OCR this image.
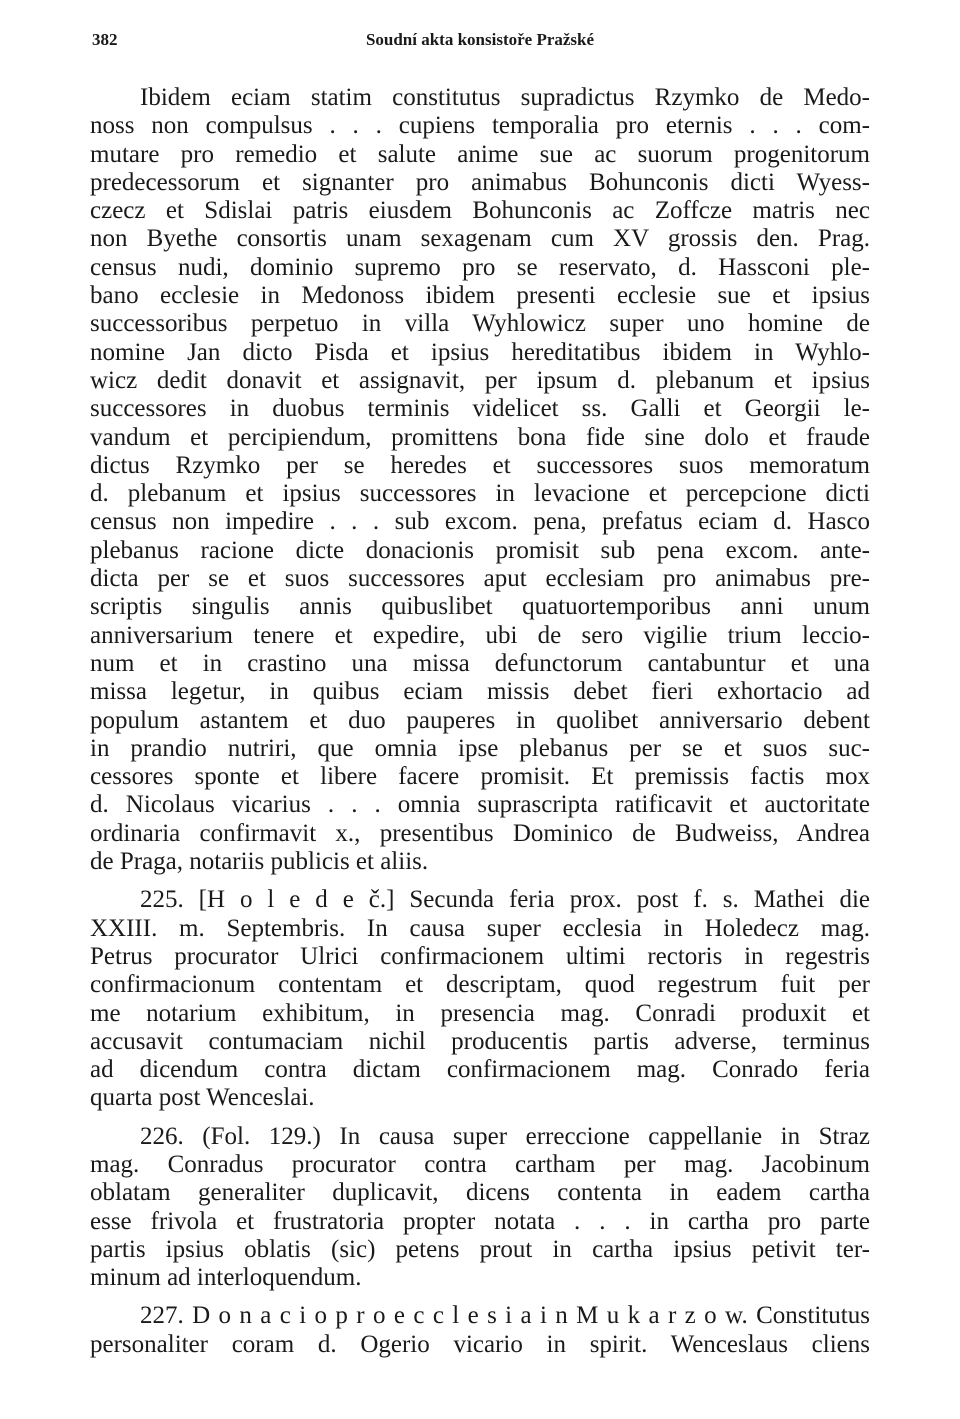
382	Soudní akta konsistoře Pražské
Ibidem eciam statim constitutus supradictus Rzymko de Medo-
noss non compulsus . . . cupiens temporalia pro eternis . . . com-
mutare pro remedio et salute anime sue ac suorum progenitorum
predecessorum et signanter pro animabus Bohunconis dicti Wyess-
czecz et Sdislai patris eiusdem Bohunconis ac Zoffcze matris nec
non Byethe consortis unam sexagenam cum XV grossis den. Prag.
census nudi, dominio supremo pro se reservato, d. Hassconi ple-
bano ecclesie in Medonoss ibidem presenti ecclesie sue et ipsius
successoribus perpetuo in villa Wyhlowicz super uno homine de
nomine Jan dicto Pisda et ipsius hereditatibus ibidem in Wyhlo-
wicz dedit donavit et assignavit, per ipsum d. plebanum et ipsius
successores in duobus terminis videlicet ss. Galli et Georgii le-
vandum et percipiendum, promittens bona fide sine dolo et fraude
dictus Rzymko per se heredes et successores suos memoratum
d. plebanum et ipsius successores in levacione et percepcione dicti
census non impedire . . . sub excom. pena, prefatus eciam d. Hasco
plebanus racione dicte donacionis promisit sub pena excom. ante-
dicta per se et suos successores aput ecclesiam pro animabus pre-
scriptis singulis annis quibuslibet quatuortemporibus anni unum
anniversarium tenere et expedire, ubi de sero vigilie trium leccio-
num et in crastino una missa defunctorum cantabuntur et una
missa legetur, in quibus eciam missis debet fieri exhortacio ad
populum astantem et duo pauperes in quolibet anniversario debent
in prandio nutriri, que omnia ipse plebanus per se et suos suc-
cessores sponte et libere facere promisit. Et premissis factis mox
d. Nicolaus vicarius . . . omnia suprascripta ratificavit et auctoritate
ordinaria confirmavit x., presentibus Dominico de Budweiss, Andrea
de Praga, notariis publicis et aliis.
225. [H o l e d e č.] Secunda feria prox. post f. s. Mathei die
XXIII. m. Septembris. In causa super ecclesia in Holedecz mag.
Petrus procurator Ulrici confirmacionem ultimi rectoris in regestris
confirmacionum contentam et descriptam, quod regestrum fuit per
me notarium exhibitum, in presencia mag. Conradi produxit et
accusavit contumaciam nichil producentis partis adverse, terminus
ad dicendum contra dictam confirmacionem mag. Conrado feria
quarta post Wenceslai.
226. (Fol. 129.) In causa super erreccione cappellanie in Straz
mag. Conradus procurator contra cartham per mag. Jacobinum
oblatam generaliter duplicavit, dicens contenta in eadem cartha
esse frivola et frustratoria propter notata . . . in cartha pro parte
partis ipsius oblatis (sic) petens prout in cartha ipsius petivit ter-
minum ad interloquendum.
227. D o n a c i o p r o e c c l e s i a i n M u k a r z o w. Constitutus
personaliter coram d. Ogerio vicario in spirit. Wenceslaus cliens
